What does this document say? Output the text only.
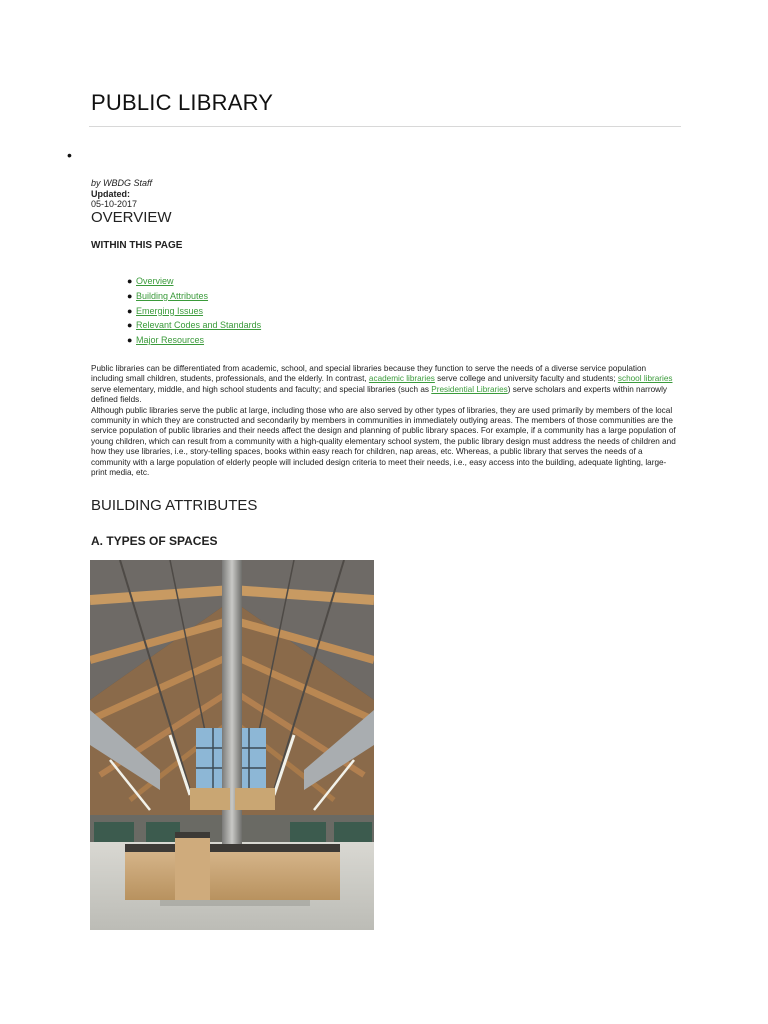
PUBLIC LIBRARY
•
by WBDG Staff
Updated:
05-10-2017
OVERVIEW
WITHIN THIS PAGE
● Overview
● Building Attributes
● Emerging Issues
● Relevant Codes and Standards
● Major Resources
Public libraries can be differentiated from academic, school, and special libraries because they function to serve the needs of a diverse service population including small children, students, professionals, and the elderly. In contrast, academic libraries serve college and university faculty and students; school libraries serve elementary, middle, and high school students and faculty; and special libraries (such as Presidential Libraries) serve scholars and experts within narrowly defined fields.
Although public libraries serve the public at large, including those who are also served by other types of libraries, they are used primarily by members of the local community in which they are constructed and secondarily by members in communities in immediately outlying areas. The members of those communities are the service population of public libraries and their needs affect the design and planning of public library spaces. For example, if a community has a large population of young children, which can result from a community with a high-quality elementary school system, the public library design must address the needs of children and how they use libraries, i.e., story-telling spaces, books within easy reach for children, nap areas, etc. Whereas, a public library that serves the needs of a community with a large population of elderly people will included design criteria to meet their needs, i.e., easy access into the building, adequate lighting, large-print media, etc.
BUILDING ATTRIBUTES
A. TYPES OF SPACES
